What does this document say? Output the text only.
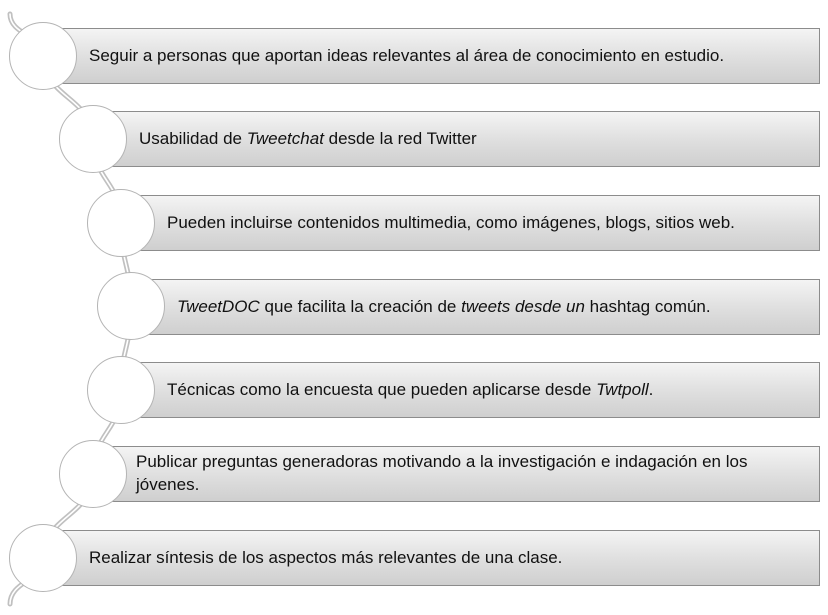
Seguir a personas que aportan ideas relevantes al área de conocimiento en estudio.
Usabilidad de Tweetchat desde la red Twitter
Pueden incluirse contenidos multimedia, como imágenes, blogs, sitios web.
TweetDOC que facilita la creación de tweets desde un hashtag común.
Técnicas como la encuesta que pueden aplicarse desde Twtpoll.
Publicar preguntas generadoras motivando a la investigación e indagación en los jóvenes.
Realizar síntesis de los aspectos más relevantes de una clase.
